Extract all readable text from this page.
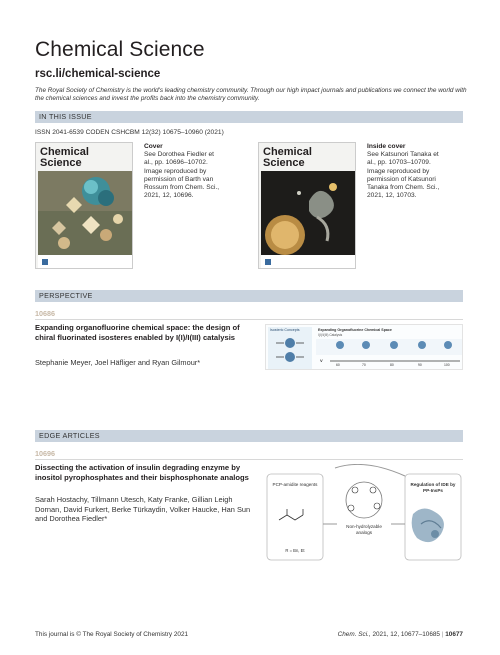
Chemical Science
rsc.li/chemical-science
The Royal Society of Chemistry is the world's leading chemistry community. Through our high impact journals and publications we connect the world with the chemical sciences and invest the profits back into the chemistry community.
IN THIS ISSUE
ISSN 2041-6539 CODEN CSHCBM 12(32) 10675–10960 (2021)
Chemical
Science
Cover
See Dorothea Fiedler et al., pp. 10696–10702. Image reproduced by permission of Barth van Rossum from Chem. Sci., 2021, 12, 10696.
Chemical
Science
Inside cover
See Katsunori Tanaka et al., pp. 10703–10709. Image reproduced by permission of Katsunori Tanaka from Chem. Sci., 2021, 12, 10703.
PERSPECTIVE
10686
Expanding organofluorine chemical space: the design of chiral fluorinated isosteres enabled by I(I)/I(III) catalysis
Stephanie Meyer, Joel Häfliger and Ryan Gilmour*
Isosteric Concepts	Expanding Organofluorine Chemical Space
I(I)/I(III) Catalysis
V
60	70	80	90	100
EDGE ARTICLES
10696
Dissecting the activation of insulin degrading enzyme by inositol pyrophosphates and their bisphosphonate analogs
Sarah Hostachy, Tillmann Utesch, Katy Franke, Gillian Leigh Dornan, David Furkert, Berke Türkaydin, Volker Haucke, Han Sun and Dorothea Fiedler*
PCP-amidite reagents
R = Bn, Et
Non-hydrolyzable analogs
Regulation of IDE by PP-InsPs
This journal is © The Royal Society of Chemistry 2021	Chem. Sci., 2021, 12, 10677–10685 | 10677
